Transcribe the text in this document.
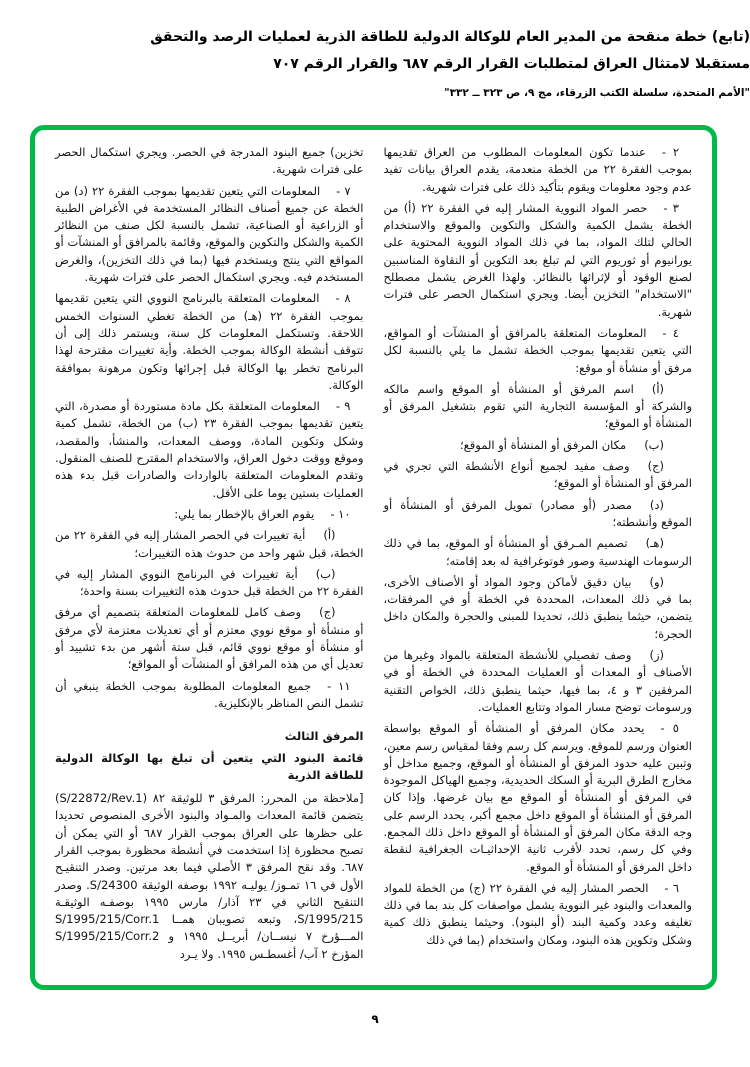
(تابع) خطة منقحة من المدير العام للوكالة الدولية للطاقة الذرية لعمليات الرصد والتحقق

مستقبلا لامتثال العراق لمتطلبات القرار الرقم ٦٨٧ والقرار الرقم ٧٠٧

"الأمم المتحدة، سلسلة الكتب الزرقاء، مج ٩، ص ٣٢٣ ــ ٣٣٢"

٢ -عندما تكون المعلومات المطلوب من العراق تقديمها بموجب الفقرة ٢٢ من الخطة منعدمة، يقدم العراق بيانات تفيد عدم وجود معلومات ويقوم بتأكيد ذلك على فترات شهرية.

٣ -حصر المواد النووية المشار إليه في الفقرة ٢٢ (أ) من الخطة يشمل الكمية والشكل والتكوين والموقع والاستخدام الحالي لتلك المواد، بما في ذلك المواد النووية المحتوية على يورانيوم أو ثوريوم التي لم تبلغ بعد التكوين أو النقاوة المناسبين لصنع الوقود أو لإثرائها بالنظائر. ولهذا الغرض يشمل مصطلح "الاستخدام" التخزين أيضا. ويجري استكمال الحصر على فترات شهرية.

٤ -المعلومات المتعلقة بالمرافق أو المنشآت أو المواقع، التي يتعين تقديمها بموجب الخطة تشمل ما يلي بالنسبة لكل مرفق أو منشأة أو موقع:

(أ)اسم المرفق أو المنشأة أو الموقع واسم مالكه والشركة أو المؤسسة التجارية التي تقوم بتشغيل المرفق أو المنشأة أو الموقع؛

(ب)مكان المرفق أو المنشأة أو الموقع؛

(ج)وصف مفيد لجميع أنواع الأنشطة التي تجري في المرفق أو المنشأة أو الموقع؛

(د)مصدر (أو مصادر) تمويل المرفق أو المنشأة أو الموقع وأنشطته؛

(هـ)تصميم المـرفق أو المنشأة أو الموقع، بما في ذلك الرسومات الهندسية وصور فوتوغرافية له بعد إقامته؛

(و)بيان دقيق لأماكن وجود المواد أو الأصناف الأخرى، بما في ذلك المعدات، المحددة في الخطة أو في المرفقات، يتضمن، حيثما ينطبق ذلك، تحديدا للمبنى والحجرة والمكان داخل الحجرة؛

(ز)وصف تفصيلي للأنشطة المتعلقة بالمواد وغيرها من الأصناف أو المعدات أو العمليات المحددة في الخطة أو في المرفقين ٣ و ٤، بما فيها، حيثما ينطبق ذلك، الخواص التقنية ورسومات توضح مسار المواد وتتابع العمليات.

٥ -يحدد مكان المرفق أو المنشأة أو الموقع بواسطة العنوان ورسم للموقع. ويرسم كل رسم وفقا لمقياس رسم معين، وتبين عليه حدود المرفق أو المنشأة أو الموقع، وجميع مداخل أو مخارج الطرق البرية أو السكك الحديدية، وجميع الهياكل الموجودة في المرفق أو المنشأة أو الموقع مع بيان غرضها. وإذا كان المرفق أو المنشأة أو الموقع داخل مجمع أكبر، يحدد الرسم على وجه الدقة مكان المرفق أو المنشأة أو الموقع داخل ذلك المجمع. وفي كل رسم، تحدد لأقرب ثانية الإحداثيـات الجغرافية لنقطة داخل المرفق أو المنشأة أو الموقع.

٦ -الحصر المشار إليه في الفقرة ٢٢ (ج) من الخطة للمواد والمعدات والبنود غير النووية يشمل مواصفات كل بند بما في ذلك تغليفه وعدد وكمية البند (أو البنود). وحيثما ينطبق ذلك كمية وشكل وتكوين هذه البنود، ومكان واستخدام (بما في ذلك

تخزين) جميع البنود المدرجة في الحصر. ويجري استكمال الحصر على فترات شهرية.

٧ -المعلومات التي يتعين تقديمها بموجب الفقرة ٢٢ (د) من الخطة عن جميع أصناف النظائر المستخدمة في الأغراض الطبية أو الزراعية أو الصناعية، تشمل بالنسبة لكل صنف من النظائر الكمية والشكل والتكوين والموقع، وقائمة بالمرافق أو المنشآت أو المواقع التي ينتج ويستخدم فيها (بما في ذلك التخزين)، والغرض المستخدم فيه. ويجري استكمال الحصر على فترات شهرية.

٨ -المعلومات المتعلقة بالبرنامج النووي التي يتعين تقديمها بموجب الفقرة ٢٢ (هـ) من الخطة تغطي السنوات الخمس اللاحقة. وتستكمل المعلومات كل سنة، ويستمر ذلك إلى أن تتوقف أنشطة الوكالة بموجب الخطة. وأية تغييرات مقترحة لهذا البرنامج تخطر بها الوكالة قبل إجرائها وتكون مرهونة بموافقة الوكالة.

٩ -المعلومات المتعلقة بكل مادة مستوردة أو مصدرة، التي يتعين تقديمها بموجب الفقرة ٢٣ (ب) من الخطة، تشمل كمية وشكل وتكوين المادة، ووصف المعدات، والمنشأ، والمقصد، وموقع ووقت دخول العراق، والاستخدام المقترح للصنف المنقول. وتقدم المعلومات المتعلقة بالواردات والصادرات قبل بدء هذه العمليات بستين يوما على الأقل.

١٠ -يقوم العراق بالإخطار بما يلي:

(أ)أية تغييرات في الحصر المشار إليه في الفقرة ٢٢ من الخطة، قبل شهر واحد من حدوث هذه التغييرات؛

(ب)أية تغييرات في البرنامج النووي المشار إليه في الفقرة ٢٢ من الخطة قبل حدوث هذه التغييرات بسنة واحدة؛

(ج)وصف كامل للمعلومات المتعلقة بتصميم أي مرفق أو منشأة أو موقع نووي معتزم أو أي تعديلات معتزمة لأي مرفق أو منشأة أو موقع نووي قائم، قبل ستة أشهر من بدء تشييد أو تعديل أي من هذه المرافق أو المنشآت أو المواقع؛

١١ -جميع المعلومات المطلوبة بموجب الخطة ينبغي أن تشمل النص المناظر بالإنكليزية.

المرفق الثالث

قائمة البنود التي يتعين أن تبلغ بها الوكالة الدولية للطاقة الذرية

[ملاحظة من المحرر: المرفق ٣ للوثيقة ٨٢ (S/22872/Rev.1) يتضمن قائمة المعدات والمـواد والبنود الأخرى المنصوص تحديدا على حظرها على العراق بموجب القرار ٦٨٧ أو التي يمكن أن تصبح محظورة إذا استخدمت في أنشطة محظورة بموجب القرار ٦٨٧. وقد نقح المرفق ٣ الأصلي فيما بعد مرتين. وصدر التنقيـح الأول في ١٦ تمـوز/ يوليـه ١٩٩٢ بوصفه الوثيقة S/24300. وصدر التنقيح الثاني في ٢٣ آذار/ مارس ١٩٩٥ بوصفـه الوثيقـة S/1995/215، وتبعه تصويبان همــا S/1995/215/Corr.1 المـــؤرخ ٧ نيســان/ أبريــل ١٩٩٥ و S/1995/215/Corr.2 المؤرخ ٢ آب/ أغسطـس ١٩٩٥. ولا يـرد

٩
